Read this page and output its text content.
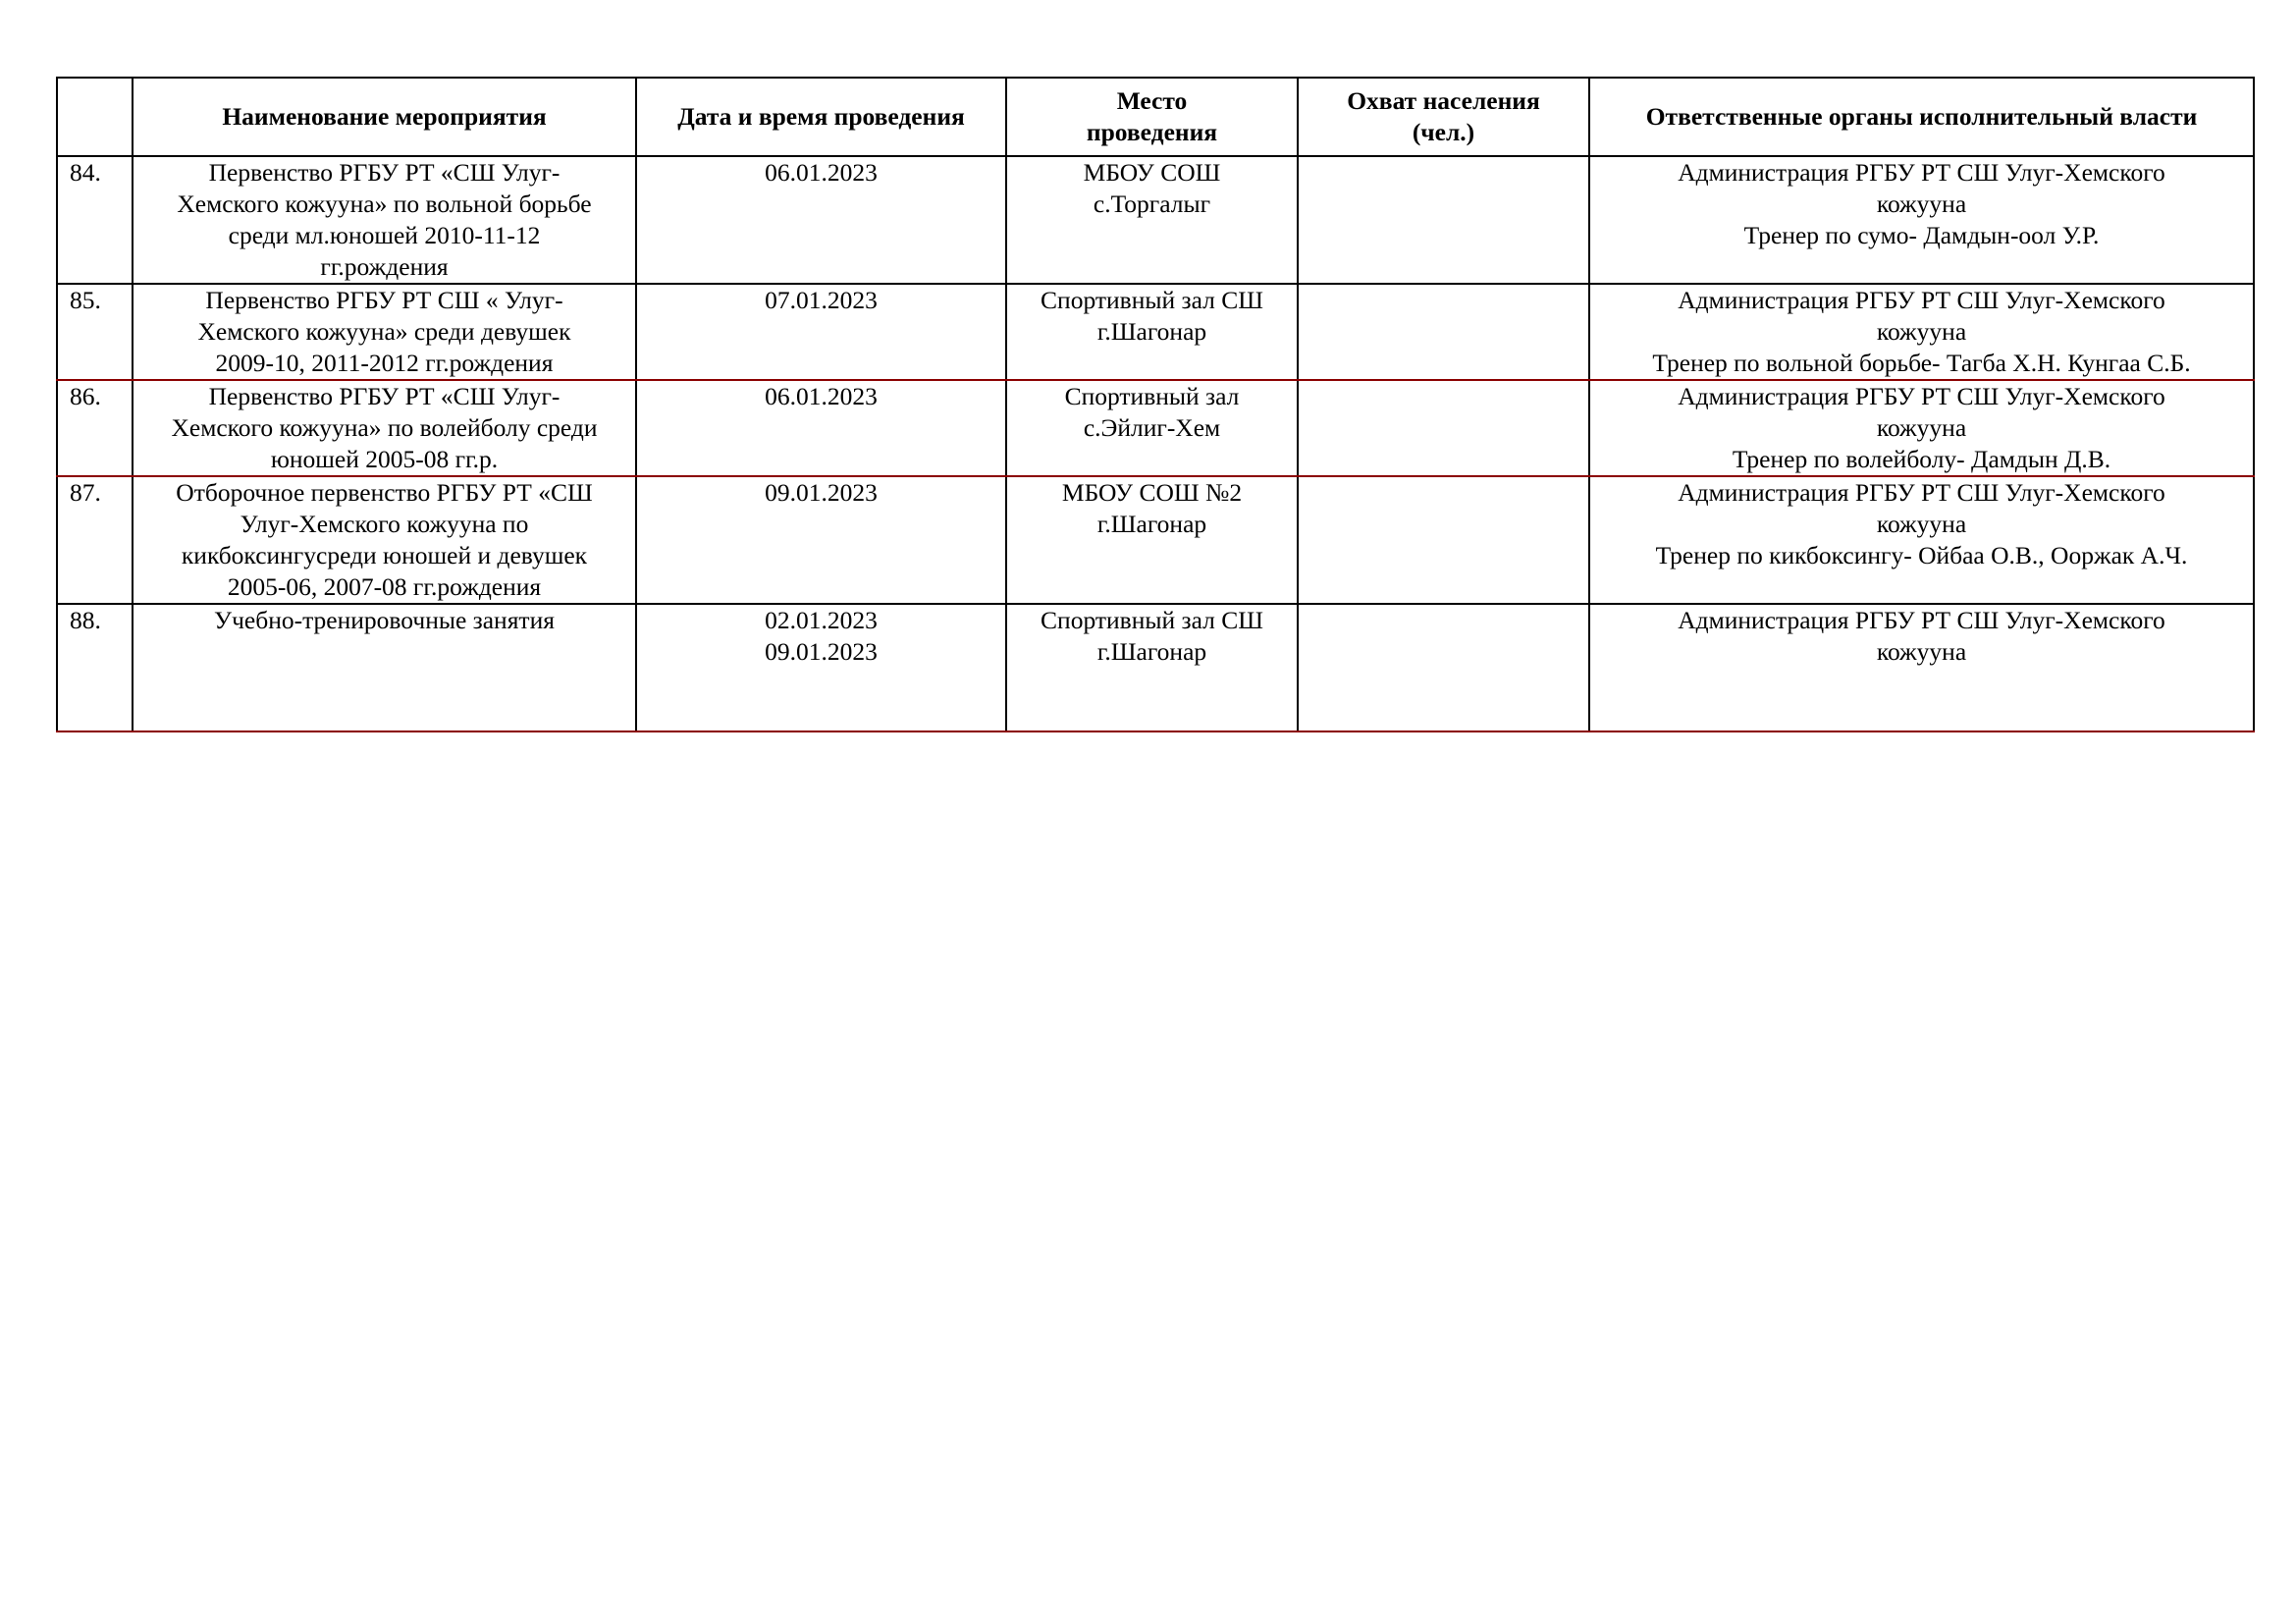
	Наименование мероприятия	Дата и время проведения	Место
проведения	Охват населения
(чел.)	Ответственные органы исполнительный власти
84.	Первенство РГБУ РТ «СШ Улуг-
Хемского кожууна» по вольной борьбе
среди мл.юношей 2010-11-12
гг.рождения	06.01.2023	МБОУ СОШ
с.Торгалыг		Администрация РГБУ РТ СШ Улуг-Хемского
кожууна
Тренер по сумо- Дамдын-оол У.Р.

85.	Первенство РГБУ РТ СШ « Улуг-
Хемского кожууна» среди девушек
2009-10, 2011-2012 гг.рождения	07.01.2023	Спортивный зал СШ
г.Шагонар		Администрация РГБУ РТ СШ Улуг-Хемского
кожууна
Тренер по вольной борьбе- Тагба Х.Н. Кунгаа С.Б.

86.	Первенство РГБУ РТ «СШ Улуг-
Хемского кожууна» по волейболу среди
юношей 2005-08 гг.р.	06.01.2023	Спортивный зал
с.Эйлиг-Хем		Администрация РГБУ РТ СШ Улуг-Хемского
кожууна
Тренер по волейболу- Дамдын Д.В.

87.	Отборочное первенство РГБУ РТ «СШ
Улуг-Хемского кожууна по
кикбоксингусреди юношей и девушек
2005-06, 2007-08 гг.рождения	09.01.2023	МБОУ СОШ №2
г.Шагонар		Администрация РГБУ РТ СШ Улуг-Хемского
кожууна
Тренер по кикбоксингу- Ойбаа О.В., Ооржак А.Ч.

88.	Учебно-тренировочные занятия	02.01.2023
09.01.2023	Спортивный зал СШ
г.Шагонар		Администрация РГБУ РТ СШ Улуг-Хемского
кожууна
